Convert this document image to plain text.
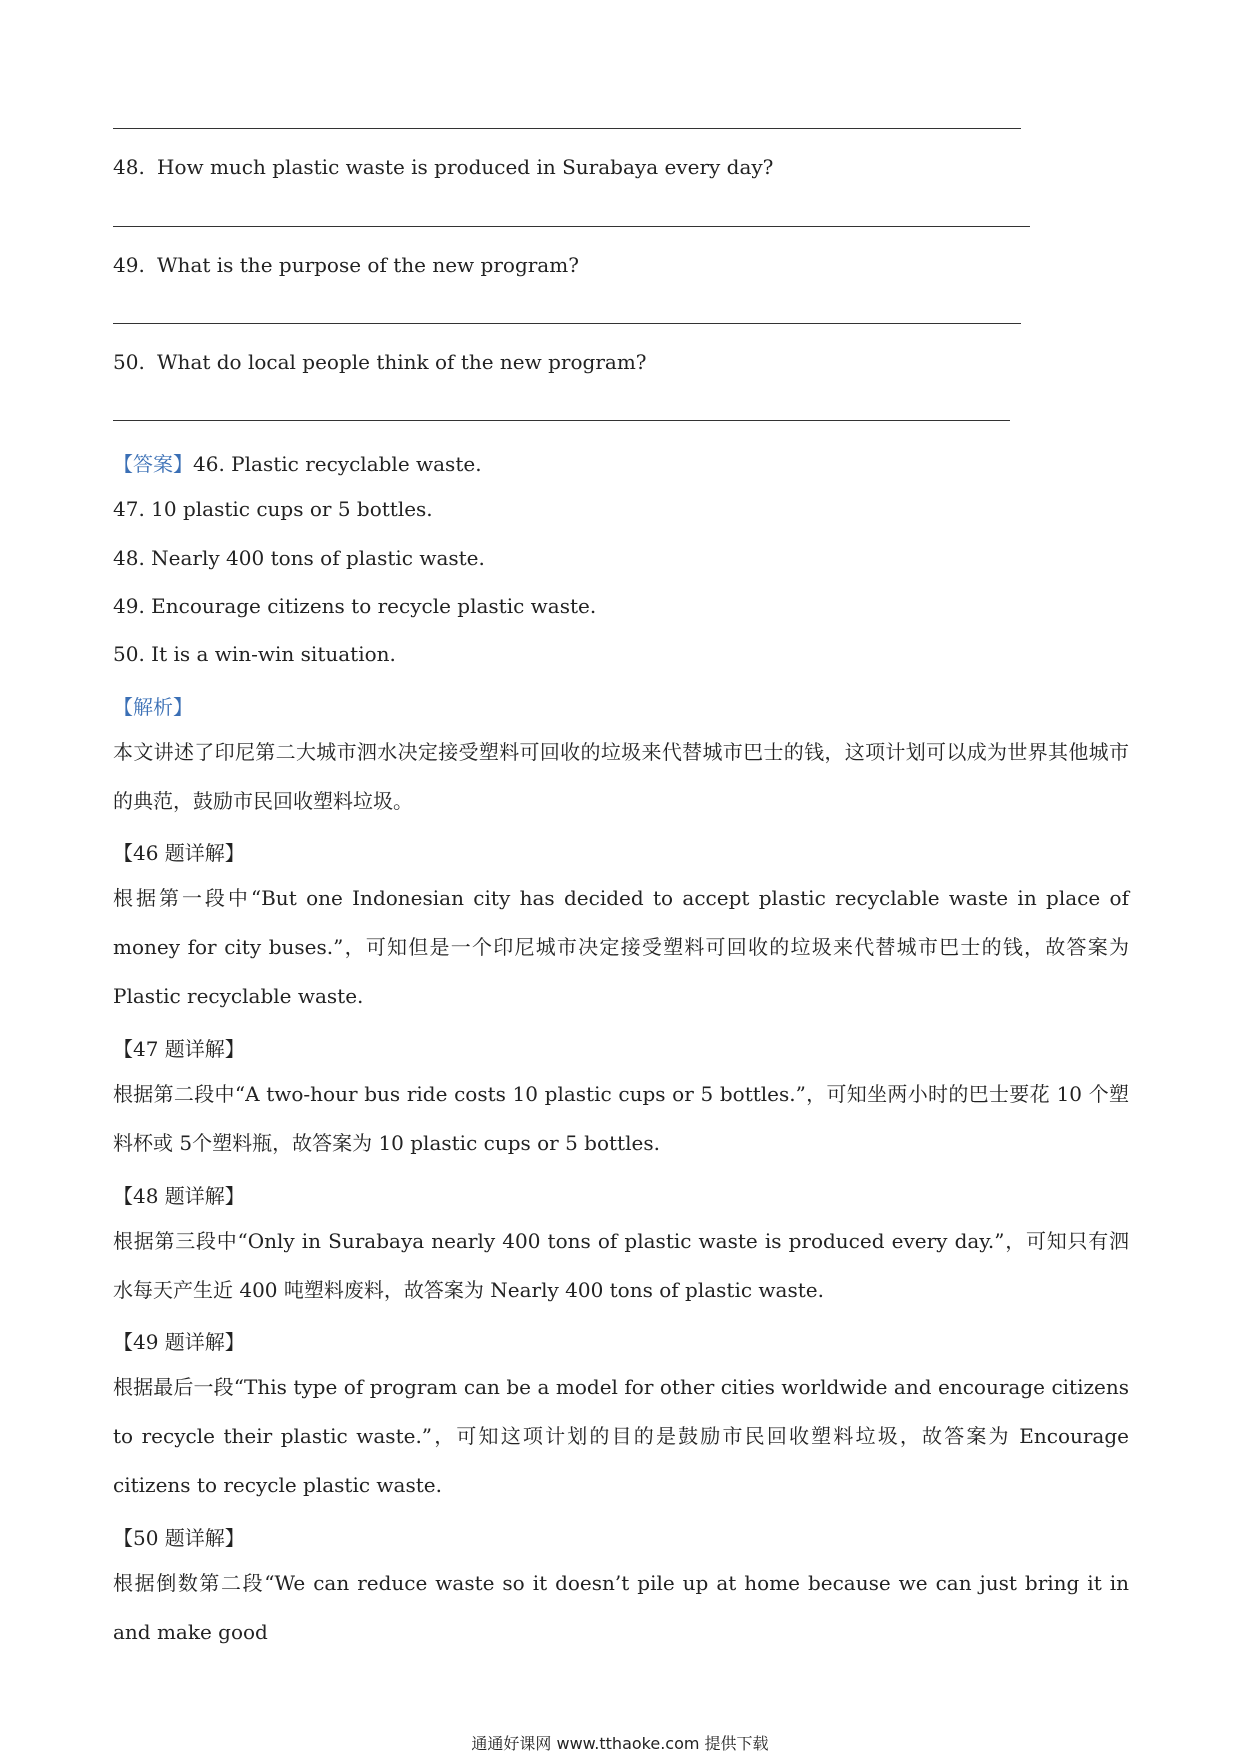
48. How much plastic waste is produced in Surabaya every day?
49. What is the purpose of the new program?
50. What do local people think of the new program?
【答案】46. Plastic recyclable waste.
47. 10 plastic cups or 5 bottles.
48. Nearly 400 tons of plastic waste.
49. Encourage citizens to recycle plastic waste.
50. It is a win-win situation.
【解析】
本文讲述了印尼第二大城市泗水决定接受塑料可回收的垃圾来代替城市巴士的钱，这项计划可以成为世界其他城市的典范，鼓励市民回收塑料垃圾。
【46 题详解】
根据第一段中“But one Indonesian city has decided to accept plastic recyclable waste in place of money for city buses.”，可知但是一个印尼城市决定接受塑料可回收的垃圾来代替城市巴士的钱，故答案为 Plastic recyclable waste.
【47 题详解】
根据第二段中“A two-hour bus ride costs 10 plastic cups or 5 bottles.”，可知坐两小时的巴士要花 10 个塑料杯或 5个塑料瓶，故答案为 10 plastic cups or 5 bottles.
【48 题详解】
根据第三段中“Only in Surabaya nearly 400 tons of plastic waste is produced every day.”，可知只有泗水每天产生近 400 吨塑料废料，故答案为 Nearly 400 tons of plastic waste.
【49 题详解】
根据最后一段“This type of program can be a model for other cities worldwide and encourage citizens to recycle their plastic waste.”，可知这项计划的目的是鼓励市民回收塑料垃圾，故答案为 Encourage citizens to recycle plastic waste.
【50 题详解】
根据倒数第二段“We can reduce waste so it doesn’t pile up at home because we can just bring it in and make good
通通好课网 www.tthaoke.com 提供下载
